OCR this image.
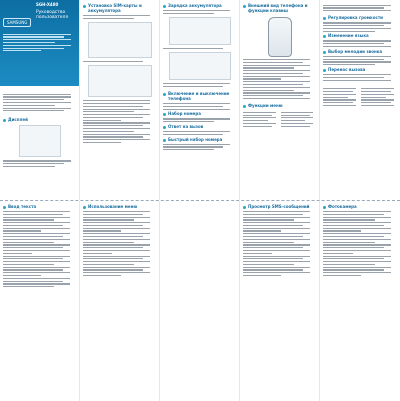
SGH-X480
Руководство пользователя
SAMSUNG
Дисплей
Установка SIM-карты и аккумулятора
Зарядка аккумулятора
Включение и выключение телефона
Набор номера
Ответ на вызов
Быстрый набор номера
Внешний вид телефона и функции клавиш
Функции меню
Регулировка громкости
Изменение языка
Выбор мелодии звонка
Перенос вызова
Ввод текста	Использование меню	Просмотр SMS-сообщений	Фотокамера
